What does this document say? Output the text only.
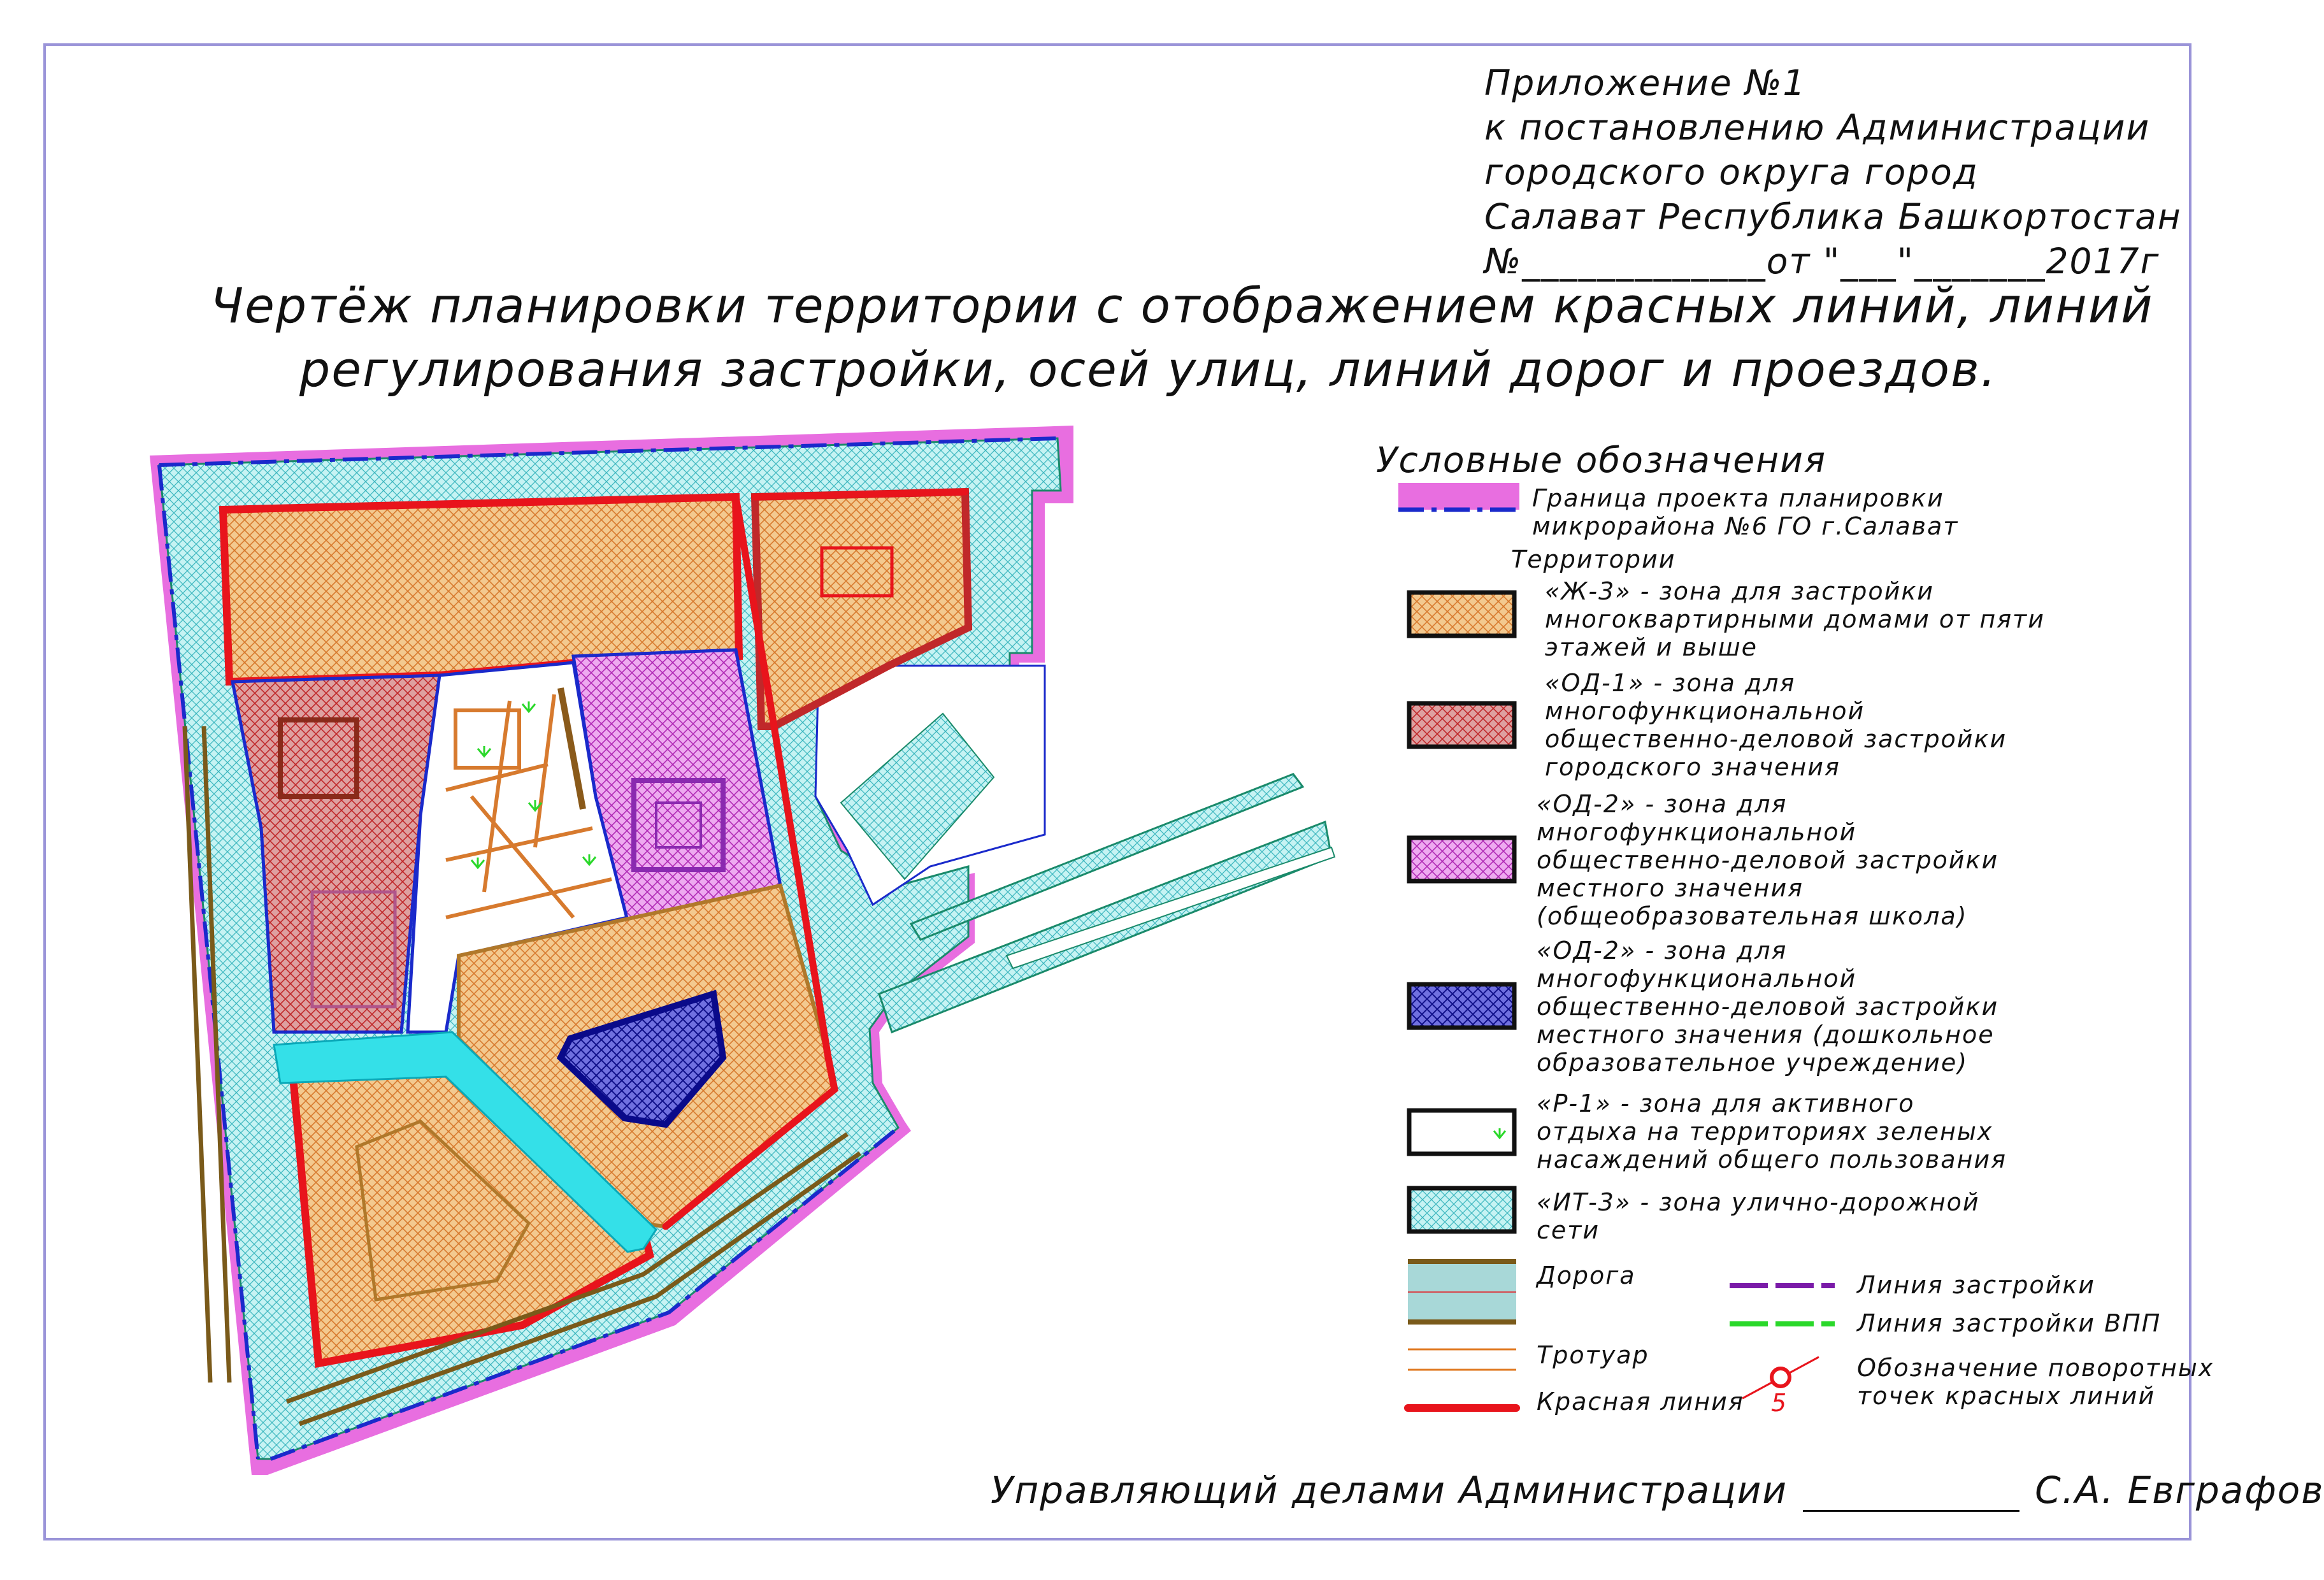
Приложение №1
к постановлению Администрации
городского округа город
Салават Республика Башкортостан
№_____________от "___"_______2017г
Чертёж планировки территории с отображением красных линий, линий
регулирования застройки, осей улиц, линий дорог и проездов.
Условные обозначения
Граница проекта планировки
микрорайона №6 ГО г.Салават
Территории
«Ж-3» - зона для застройки
многоквартирными домами от пяти
этажей и выше
«ОД-1» - зона для
многофункциональной
общественно-деловой застройки
городского значения
«ОД-2» - зона для
многофункциональной
общественно-деловой застройки
местного значения
(общеобразовательная школа)
«ОД-2» - зона для
многофункциональной
общественно-деловой застройки
местного значения (дошкольное
образовательное учреждение)
«Р-1» - зона для активного
отдыха на территориях зеленых
насаждений общего пользования
«ИТ-3» - зона улично-дорожной
сети
Дорога
Тротуар
Красная линия
Линия застройки
Линия застройки ВПП
Обозначение поворотных
точек красных линий
5
Управляющий делами Администрации	С.А. Евграфов
